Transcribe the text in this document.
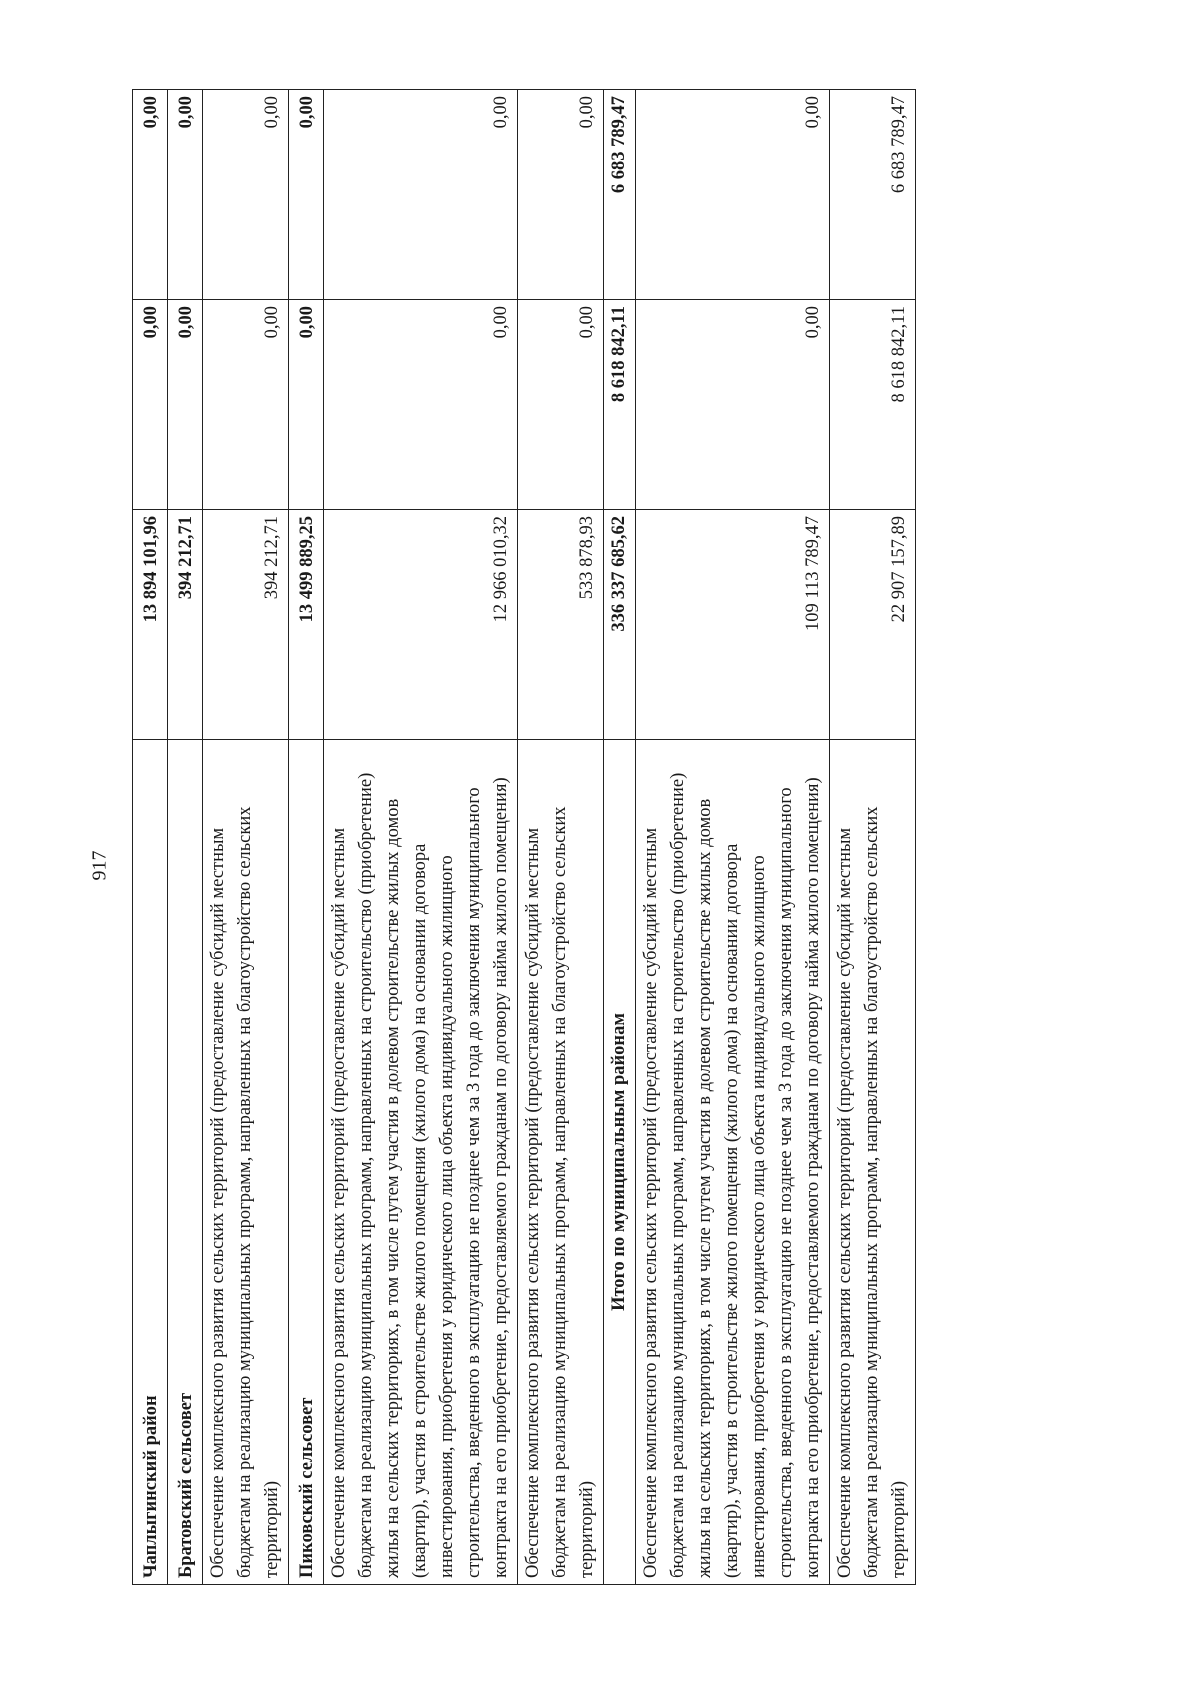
917
Чаплыгинский район	13 894 101,96	0,00	0,00
Братовский сельсовет	394 212,71	0,00	0,00
Обеспечение комплексного развития сельских территорий (предоставление субсидий местным бюджетам на реализацию муниципальных программ, направленных на благоустройство сельских территорий)	394 212,71	0,00	0,00
Пиковский сельсовет	13 499 889,25	0,00	0,00
Обеспечение комплексного развития сельских территорий (предоставление субсидий местным бюджетам на реализацию муниципальных программ, направленных на строительство (приобретение) жилья на сельских территориях, в том числе путем участия в долевом строительстве жилых домов (квартир), участия в строительстве жилого помещения (жилого дома) на основании договора инвестирования, приобретения у юридического лица объекта индивидуального жилищного строительства, введенного в эксплуатацию не позднее чем за 3 года до заключения муниципального контракта на его приобретение, предоставляемого гражданам по договору найма жилого помещения)	12 966 010,32	0,00	0,00
Обеспечение комплексного развития сельских территорий (предоставление субсидий местным бюджетам на реализацию муниципальных программ, направленных на благоустройство сельских территорий)	533 878,93	0,00	0,00
Итого по муниципальным районам	336 337 685,62	8 618 842,11	6 683 789,47
Обеспечение комплексного развития сельских территорий (предоставление субсидий местным бюджетам на реализацию муниципальных программ, направленных на строительство (приобретение) жилья на сельских территориях, в том числе путем участия в долевом строительстве жилых домов (квартир), участия в строительстве жилого помещения (жилого дома) на основании договора инвестирования, приобретения у юридического лица объекта индивидуального жилищного строительства, введенного в эксплуатацию не позднее чем за 3 года до заключения муниципального контракта на его приобретение, предоставляемого гражданам по договору найма жилого помещения)	109 113 789,47	0,00	0,00
Обеспечение комплексного развития сельских территорий (предоставление субсидий местным бюджетам на реализацию муниципальных программ, направленных на благоустройство сельских территорий)	22 907 157,89	8 618 842,11	6 683 789,47
